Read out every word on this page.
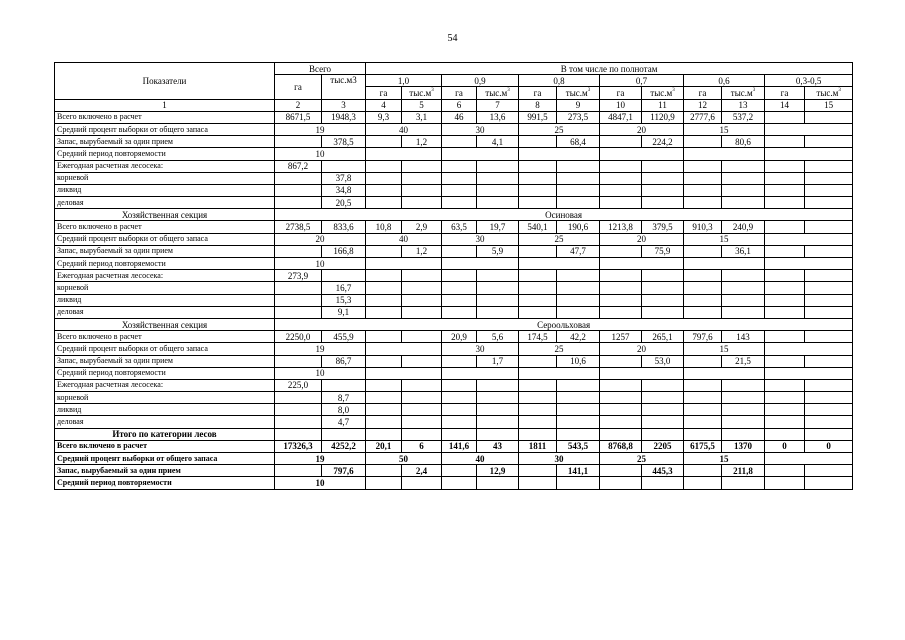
54
Показатели	Всего		В том числе по полнотам											
	га	тыс.м3	1,0		0,9		0,8		0,7		0,6		0,3-0,5	
			га	$тыс.м^3$	га	$тыс.м^3$	га	$тыс.м^3$	га	$тыс.м^3$	га	$тыс.м^3$	га	$тыс.м^3$
1	2	3	4	5	6	7	8	9	10	11	12	13	14	15
Всего включено в расчет	8671,5	1948,3	9,3	3,1	46	13,6	991,5	273,5	4847,1	1120,9	2777,6	537,2		
Средний процент выборки от общего запаса	19		40		30		25		20		15			
Запас, вырубаемый за один прием		378,5		1,2		4,1		68,4		224,2		80,6		
Средний период повторяемости	10													
Ежегодная расчетная лесосека:	867,2													
корневой		37,8												
ликвид		34,8												
деловая		20,5												
Хозяйственная секция	Осиновая													
Всего включено в расчет	2738,5	833,6	10,8	2,9	63,5	19,7	540,1	190,6	1213,8	379,5	910,3	240,9		
Средний процент выборки от общего запаса	20		40		30		25		20		15			
Запас, вырубаемый за один прием		166,8		1,2		5,9		47,7		75,9		36,1		
Средний период повторяемости	10													
Ежегодная расчетная лесосека:	273,9													
корневой		16,7												
ликвид		15,3												
деловая		9,1												
Хозяйственная секция	Сероольховая													
Всего включено в расчет	2250,0	455,9			20,9	5,6	174,5	42,2	1257	265,1	797,6	143		
Средний процент выборки от общего запаса	19				30		25		20		15			
Запас, вырубаемый за один прием		86,7				1,7		10,6		53,0		21,5		
Средний период повторяемости	10													
Ежегодная расчетная лесосека:	225,0													
корневой		8,7												
ликвид		8,0												
деловая		4,7												
Итого по категории лесов														
Всего включено в расчет	17326,3	4252,2	20,1	6	141,6	43	1811	543,5	8768,8	2205	6175,5	1370	0	0
Средний процент выборки от общего запаса	19		50		40		30		25		15			
Запас, вырубаемый за один прием		797,6		2,4		12,9		141,1		445,3		211,8		
Средний период повторяемости	10													
